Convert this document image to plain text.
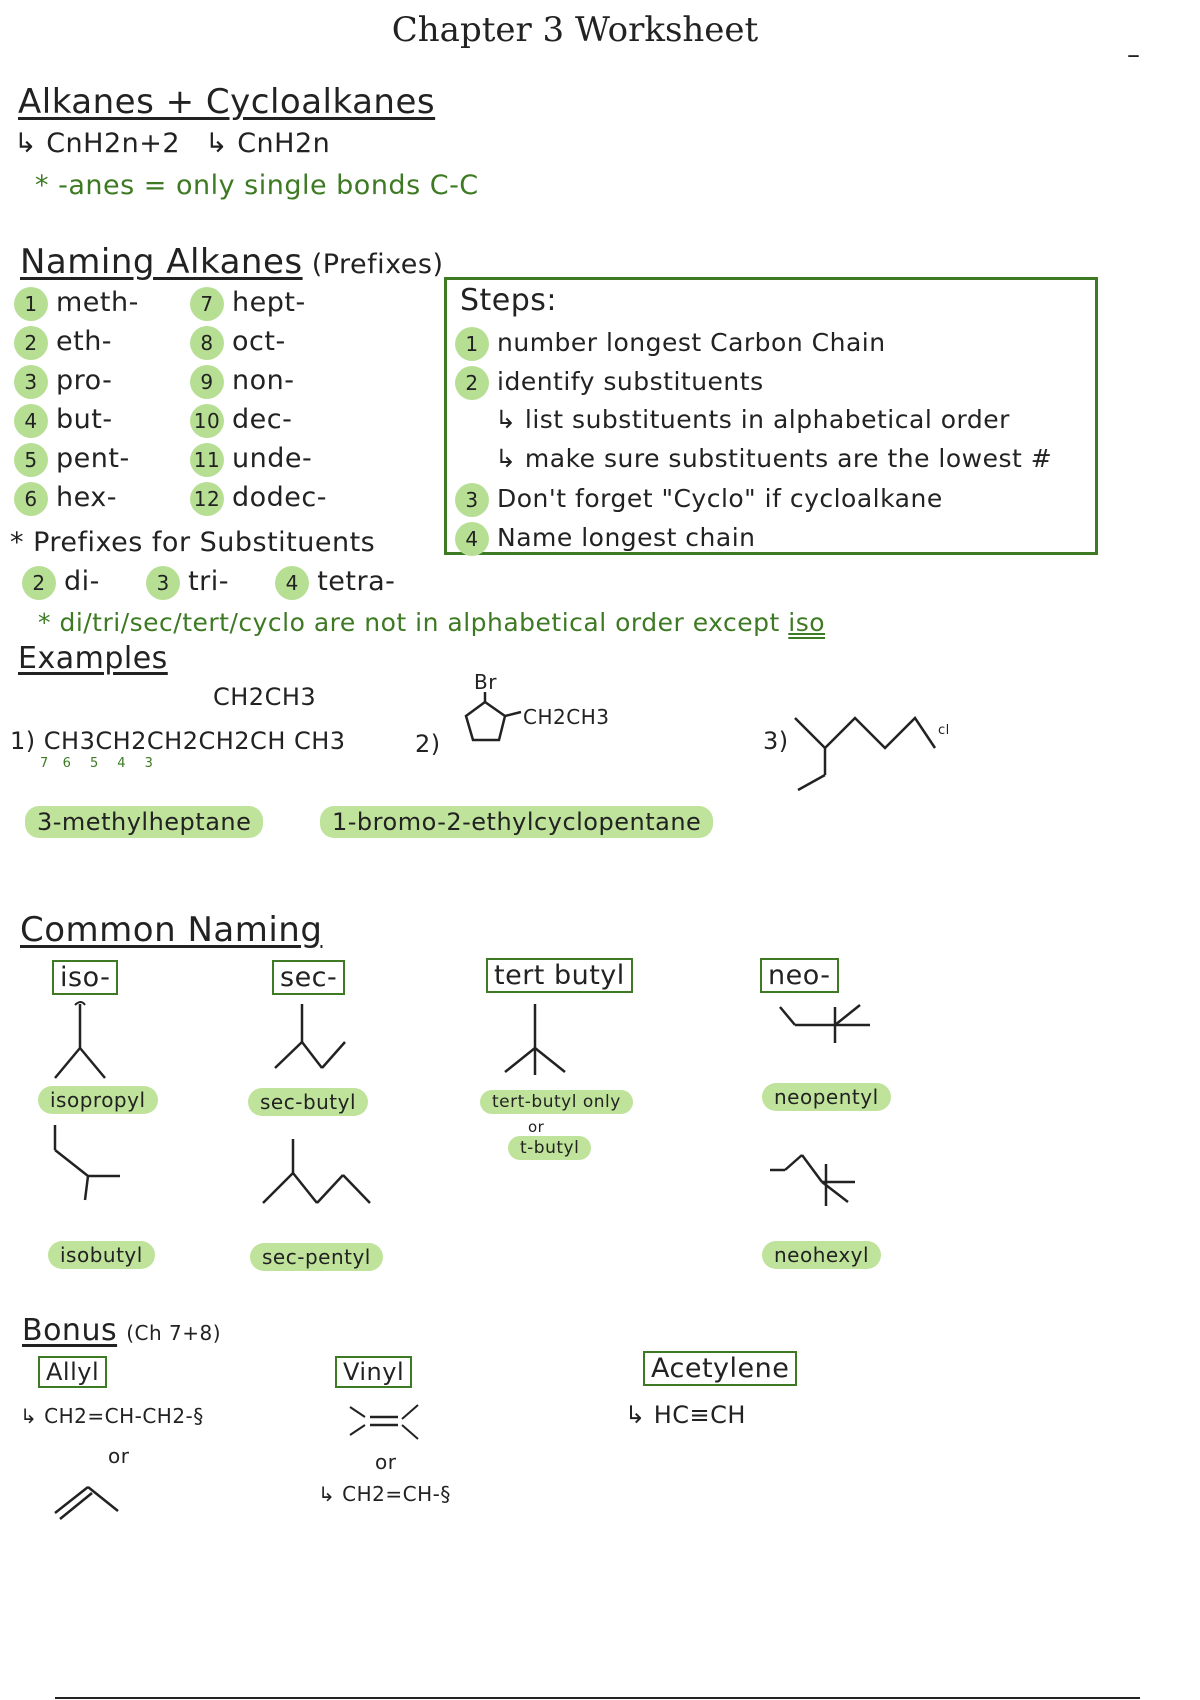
Chapter 3 Worksheet
–
Alkanes + Cycloalkanes
↳ CnH2n+2 ↳ CnH2n
* -anes = only single bonds C-C
Naming Alkanes (Prefixes)
1 meth-
2 eth-
3 pro-
4 but-
5 pent-
6 hex-
7 hept-
8 oct-
9 non-
10 dec-
11 unde-
12 dodec-
Steps:
1 number longest Carbon Chain
2 identify substituents
↳ list substituents in alphabetical order
↳ make sure substituents are the lowest #
3 Don't forget "Cyclo" if cycloalkane
4 Name longest chain
* Prefixes for Substituents
2 di-	3 tri-	4 tetra-
* di/tri/sec/tert/cyclo are not in alphabetical order except iso
Examples
CH2CH3
1) CH3CH2CH2CH2CH CH3
7   6    5    4    3
3-methylheptane
2)
Br
CH2CH3
1-bromo-2-ethylcyclopentane
3)	cl
Common Naming
iso-
isopropyl
isobutyl
sec-
sec-butyl
sec-pentyl
tert butyl
tert-butyl only
or
t-butyl
neo-
neopentyl
neohexyl
Bonus (Ch 7+8)
Allyl
↳ CH2=CH-CH2-§
or
Vinyl
or
↳ CH2=CH-§
Acetylene
↳ HC≡CH
